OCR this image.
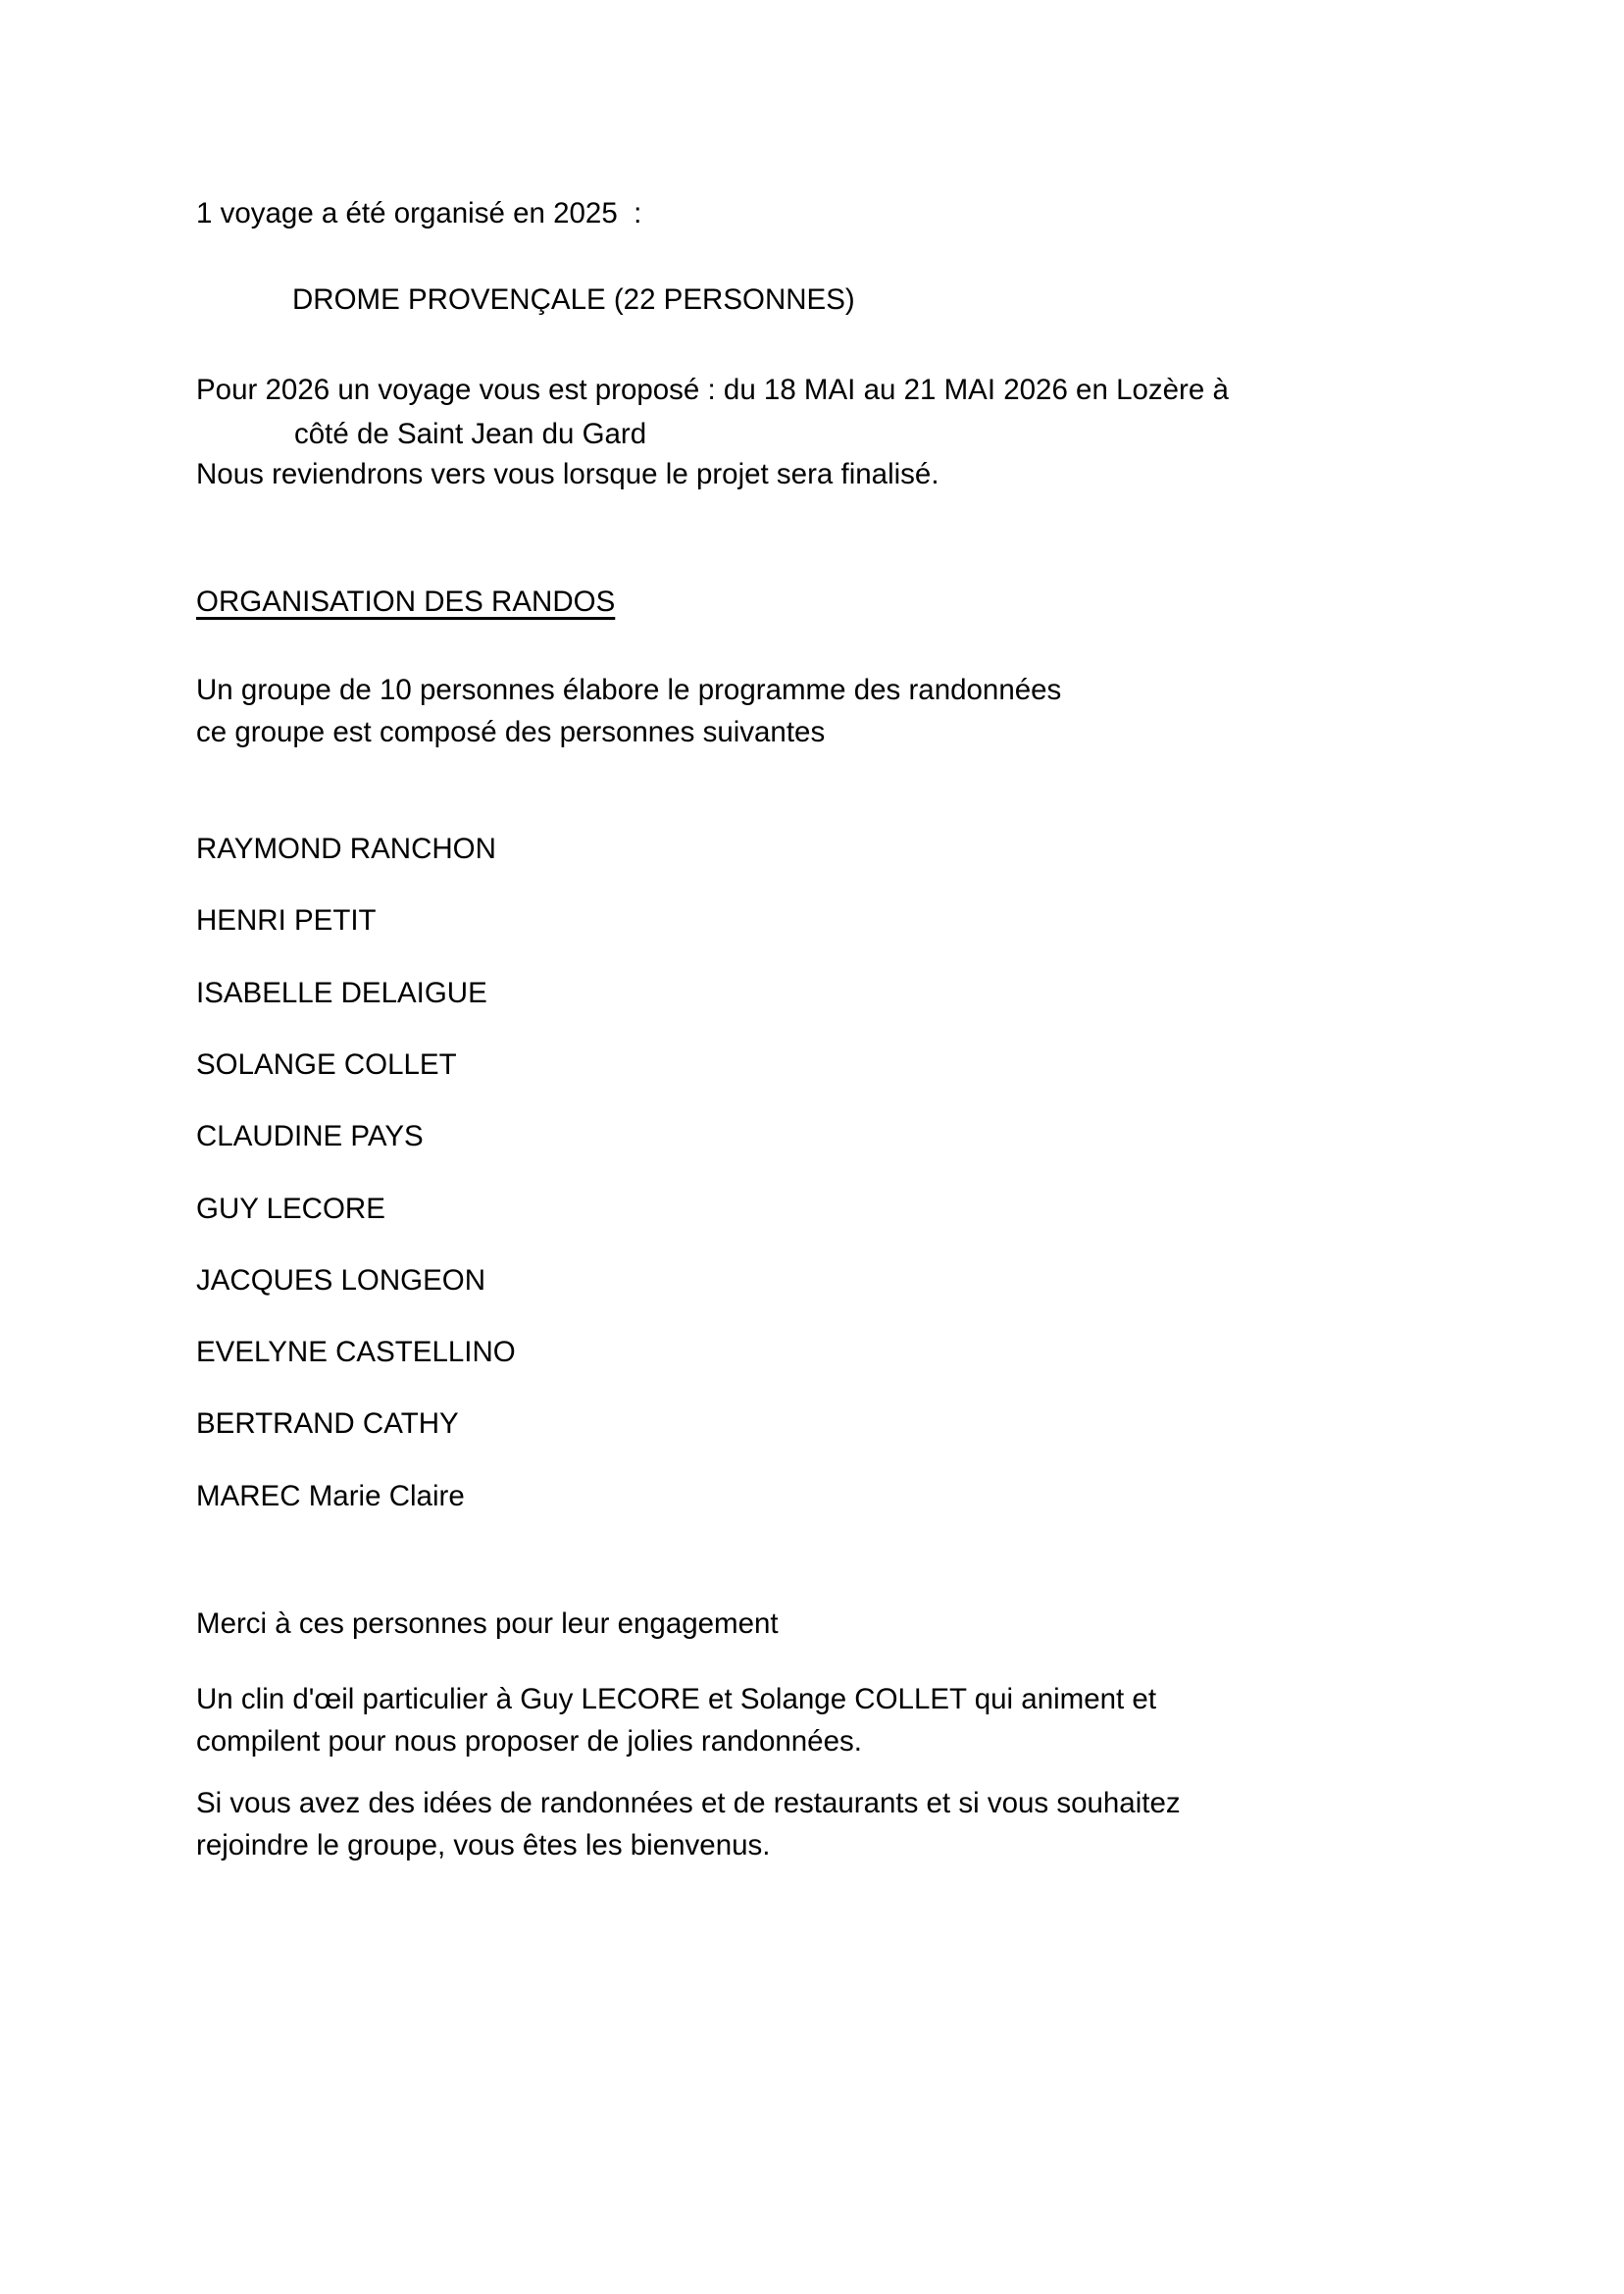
1 voyage a été organisé en 2025  :

DROME PROVENÇALE (22 PERSONNES)

Pour 2026 un voyage vous est proposé : du 18 MAI au 21 MAI 2026 en Lozère à

côté de Saint Jean du Gard

Nous reviendrons vers vous lorsque le projet sera finalisé.

ORGANISATION DES RANDOS

Un groupe de 10 personnes élabore le programme des randonnées

ce groupe est composé des personnes suivantes

RAYMOND RANCHON

HENRI PETIT

ISABELLE DELAIGUE

SOLANGE COLLET

CLAUDINE PAYS

GUY LECORE

JACQUES LONGEON

EVELYNE CASTELLINO

BERTRAND CATHY

MAREC Marie Claire

Merci à ces personnes pour leur engagement

Un clin d'œil particulier à Guy LECORE et Solange COLLET qui animent et

compilent pour nous proposer de jolies randonnées.

Si vous avez des idées de randonnées et de restaurants et si vous souhaitez

rejoindre le groupe, vous êtes les bienvenus.
